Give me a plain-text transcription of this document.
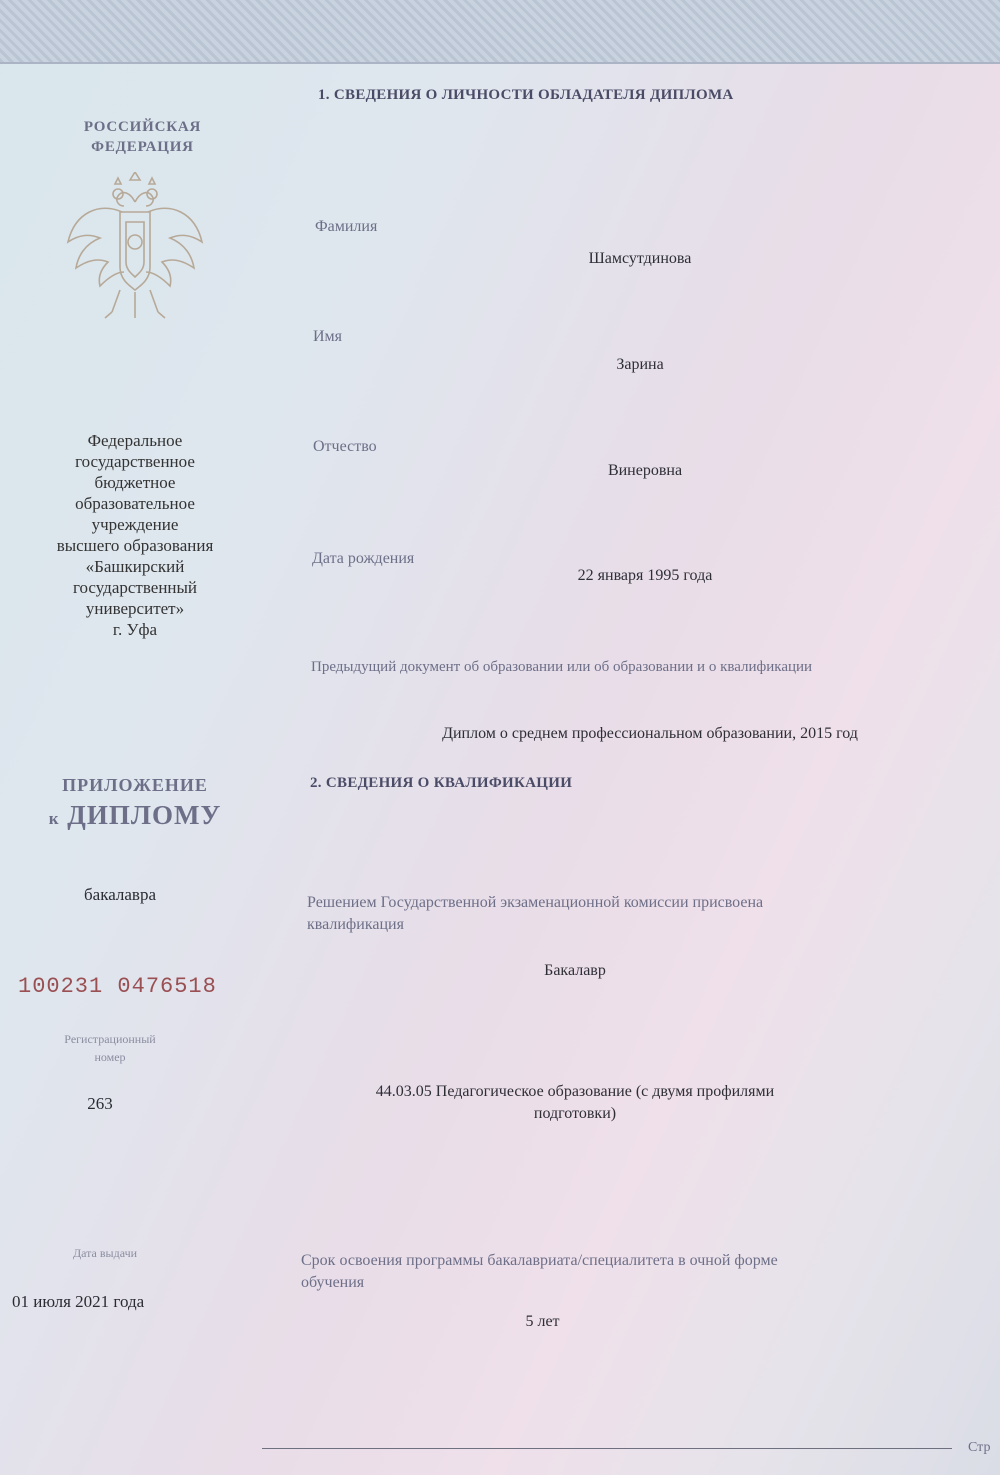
РОССИЙСКАЯ
ФЕДЕРАЦИЯ
Федеральное
государственное
бюджетное
образовательное
учреждение
высшего образования
«Башкирский
государственный
университет»
г. Уфа
ПРИЛОЖЕНИЕ
к ДИПЛОМУ
бакалавра
100231 0476518
Регистрационный
номер
263
Дата выдачи
01 июля 2021 года
1. СВЕДЕНИЯ О ЛИЧНОСТИ ОБЛАДАТЕЛЯ ДИПЛОМА
Фамилия
Шамсутдинова
Имя
Зарина
Отчество
Винеровна
Дата рождения
22 января 1995 года
Предыдущий документ об образовании или об образовании и о квалификации
Диплом о среднем профессиональном образовании, 2015 год
2. СВЕДЕНИЯ О КВАЛИФИКАЦИИ
Решением Государственной экзаменационной комиссии присвоена
квалификация
Бакалавр
44.03.05 Педагогическое образование (с двумя профилями
подготовки)
Срок освоения программы бакалавриата/специалитета в очной форме
обучения
5 лет
Стр
